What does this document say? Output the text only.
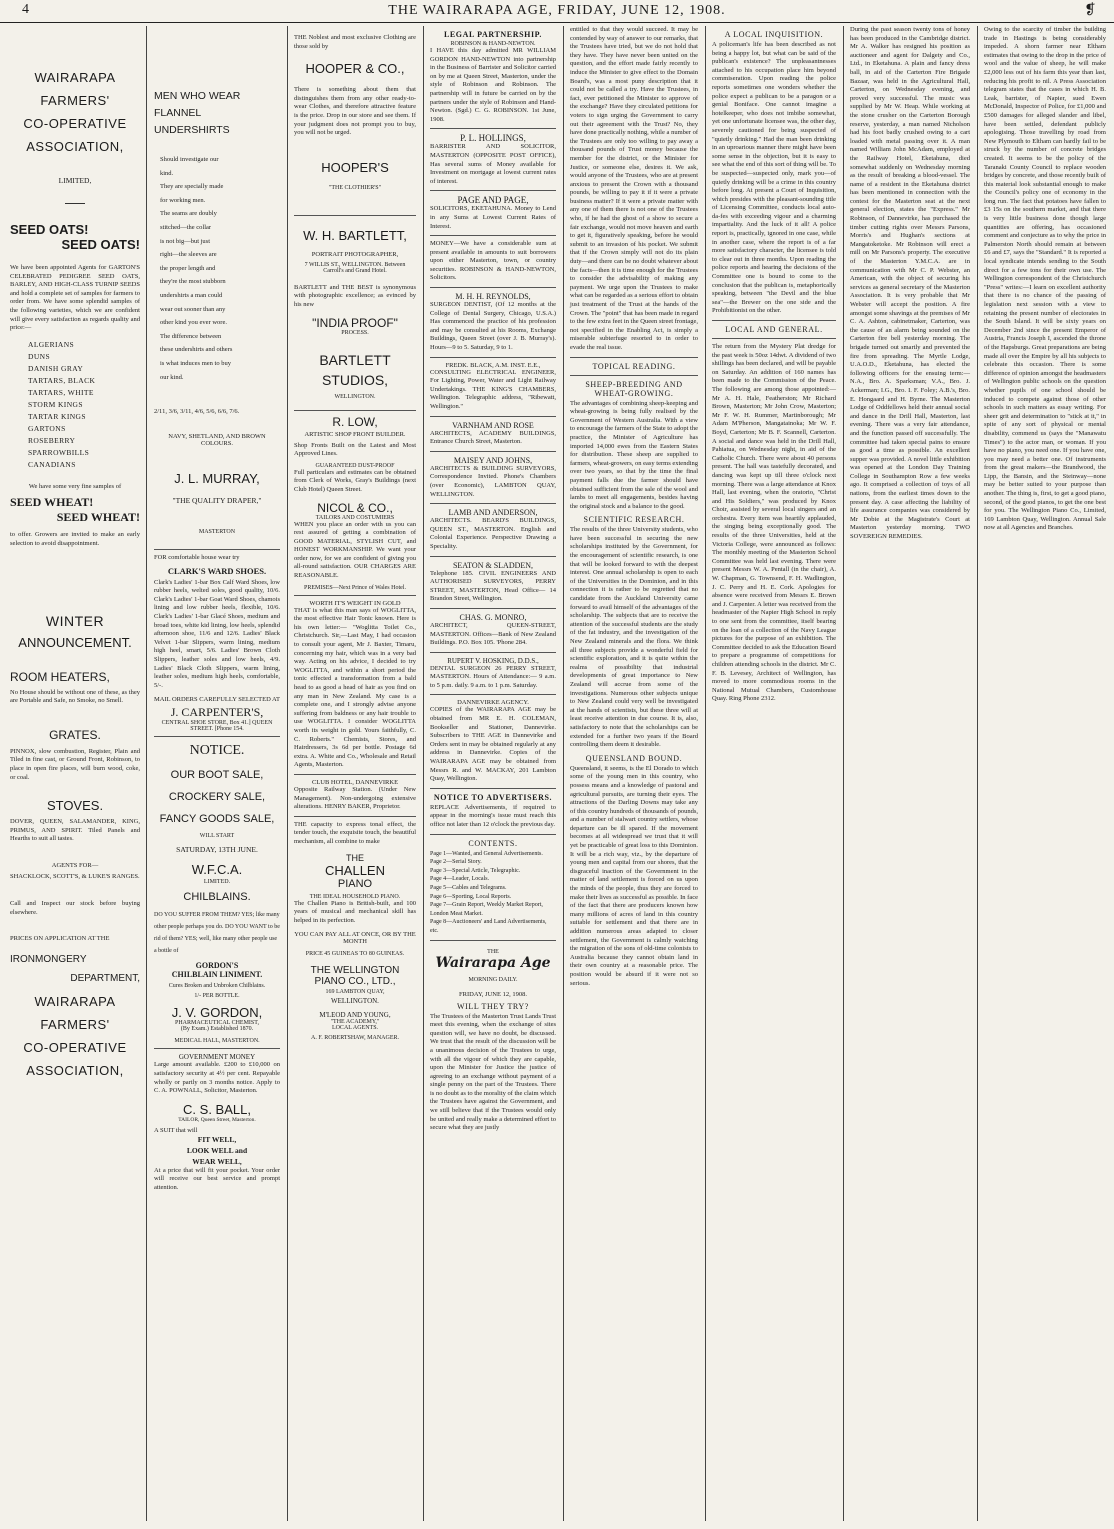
4	THE WAIRARAPA AGE, FRIDAY, JUNE 12, 1908.	❡
WAIRARAPA
FARMERS'
CO-OPERATIVE
ASSOCIATION,
LIMITED,
SEED OATS!
SEED OATS!
We have been appointed Agents for GARTON'S CELEBRATED PEDIGREE SEED OATS, BARLEY, AND HIGH-CLASS TURNIP SEEDS and hold a complete set of samples for farmers to order from. We have some splendid samples of the following varieties, which we are confident will give every satisfaction as regards quality and price:—
ALGERIANS
DUNS
DANISH GRAY
TARTARS, BLACK
TARTARS, WHITE
STORM KINGS
TARTAR KINGS
GARTONS
ROSEBERRY
SPARROWBILLS
CANADIANS
We have some very fine samples of
SEED WHEAT!
SEED WHEAT!
to offer. Growers are invited to make an early selection to avoid disappointment.
WINTER
ANNOUNCEMENT.
ROOM HEATERS,
No House should be without one of these, as they are Portable and Safe, no Smoke, no Smell.
GRATES.
PINNOX, slow combustion, Register, Plain and Tiled in fine cast, or Ground Front, Robinson, to place in open fire places, will burn wood, coke, or coal.
STOVES.
DOVER, QUEEN, SALAMANDER, KING, PRIMUS, AND SPIRIT. Tiled Panels and Hearths to suit all tastes.
AGENTS FOR—
SHACKLOCK, SCOTT'S, & LUKE'S RANGES.
Call and Inspect our stock before buying elsewhere.
PRICES ON APPLICATION AT THE
IRONMONGERY
DEPARTMENT,
WAIRARAPA
FARMERS'
CO-OPERATIVE
ASSOCIATION,
MEN WHO WEAR
FLANNEL
UNDERSHIRTS
Should investigate our
kind.
They are specially made
for working men.
The seams are doubly
stitched—the collar
is not big—but just
right—the sleeves are
the proper length and
they're the most stubborn
undershirts a man could
wear out sooner than any
other kind you ever wore.
The difference between
these undershirts and others
is what induces men to buy
our kind.
2/11, 3/6, 3/11, 4/6, 5/6, 6/6, 7/6.
NAVY, SHETLAND, AND BROWN COLOURS.
J. L. MURRAY,
"THE QUALITY DRAPER,"
MASTERTON
FOR comfortable house wear try
CLARK'S WARD SHOES.
Clark's Ladies' 1-bar Box Calf Ward Shoes, low rubber heels, welted soles, good quality, 10/6. Clark's Ladies' 1-bar Goat Ward Shoes, chamois lining and low rubber heels, flexible, 10/6. Clark's Ladies' 1-bar Glacé Shoes, medium and broad toes, white kid lining, low heels, splendid afternoon shoe, 11/6 and 12/6. Ladies' Black Velvet 1-bar Slippers, warm lining, medium high heel, smart, 5/6. Ladies' Brown Cloth Slippers, leather soles and low heels, 4/9. Ladies' Black Cloth Slippers, warm lining, leather soles, medium high heels, comfortable, 5/-.
MAIL ORDERS CAREFULLY SELECTED AT
J. CARPENTER'S,
CENTRAL SHOE STORE, Box 41.] QUEEN STREET. [Phone 154.
NOTICE.
OUR BOOT SALE,
CROCKERY SALE,
FANCY GOODS SALE,
WILL START
SATURDAY, 13TH JUNE.
W.F.C.A.
LIMITED.
CHILBLAINS.
DO YOU SUFFER FROM THEM? YES; like many other people perhaps you do. DO YOU WANT to be rid of them? YES; well, like many other people use a bottle of
GORDON'S
CHILBLAIN LINIMENT.
Cures Broken and Unbroken Chilblains.
1/- PER BOTTLE.
J. V. GORDON,
PHARMACEUTICAL CHEMIST,
(By Exam.) Established 1870.
MEDICAL HALL, MASTERTON.
GOVERNMENT MONEY
Large amount available. £200 to £10,000 on satisfactory security at 4½ per cent. Repayable wholly or partly on 3 months notice. Apply to C. A. POWNALL, Solicitor, Masterton.
C. S. BALL,
TAILOR, Queen Street, Masterton.
A SUIT that will
FIT WELL,
LOOK WELL and
WEAR WELL,
At a price that will fit your pocket. Your order will receive our best service and prompt attention.
THE Noblest and most exclusive Clothing are those sold by
HOOPER & CO.,
There is something about them that distinguishes them from any other ready-to-wear Clothes, and therefore attractive feature is the price. Drop in our store and see them. If your judgment does not prompt you to buy, you will not be urged.
HOOPER'S
"THE CLOTHIER'S"
W. H. BARTLETT,
PORTRAIT PHOTOGRAPHER,
7 WILLIS ST., WELLINGTON. Between Carroll's and Grand Hotel.
BARTLETT and THE BEST is synonymous with photographic excellence; as evinced by his new
"INDIA PROOF"
PROCESS.
BARTLETT
STUDIOS,
WELLINGTON.
R. LOW,
ARTISTIC SHOP FRONT BUILDER.
Shop Fronts Built on the Latest and Most Approved Lines.
GUARANTEED DUST-PROOF
Full particulars and estimates can be obtained from Clerk of Works, Gray's Buildings (next Club Hotel) Queen Street.
NICOL & CO.,
TAILORS AND COSTUMIERS
WHEN you place an order with us you can rest assured of getting a combination of GOOD MATERIAL, STYLISH CUT, and HONEST WORKMANSHIP. We want your order now, for we are confident of giving you all-round satisfaction. OUR CHARGES ARE REASONABLE.
PREMISES—Next Prince of Wales Hotel.
WORTH IT'S WEIGHT IN GOLD
THAT is what this man says of WOGLITTA, the most effective Hair Tonic known. Here is his own letter:— "Woglitta Toilet Co., Christchurch. Sir,—Last May, I had occasion to consult your agent, Mr J. Baxter, Timaru, concerning my hair, which was in a very bad way. Acting on his advice, I decided to try WOGLITTA, and within a short period the tonic effected a transformation from a bald head to as good a head of hair as you find on any man in New Zealand. My case is a complete one, and I strongly advise anyone suffering from baldness or any hair trouble to use WOGLITTA. I consider WOGLITTA worth its weight in gold. Yours faithfully, C. C. Roberts." Chemists, Stores, and Hairdressers, 3s 6d per bottle. Postage 6d extra. A. White and Co., Wholesale and Retail Agents, Masterton.
CLUB HOTEL, DANNEVIRKE
Opposite Railway Station. (Under New Management). Non-undergoing extensive alterations. HENRY BAKER, Proprietor.
THE capacity to express tonal effect, the tender touch, the exquisite touch, the beautiful mechanism, all combine to make
THE
CHALLEN
PIANO
THE IDEAL HOUSEHOLD PIANO.
The Challen Piano is British-built, and 100 years of musical and mechanical skill has helped in its perfection.
YOU CAN PAY ALL AT ONCE, OR BY THE MONTH
PRICE 45 GUINEAS TO 80 GUINEAS.
THE WELLINGTON PIANO CO., LTD.,
169 LAMBTON QUAY,
WELLINGTON.
M'LEOD AND YOUNG,
"THE ACADEMY,"
LOCAL AGENTS.
A. F. ROBERTSHAW, MANAGER.
LEGAL PARTNERSHIP.
ROBINSON & HAND-NEWTON.
I HAVE this day admitted MR WILLIAM GORDON HAND-NEWTON into partnership in the Business of Barrister and Solicitor carried on by me at Queen Street, Masterton, under the style of Robinson and Robinson. The partnership will in future be carried on by the partners under the style of Robinson and Hand-Newton. (Sgd.) C. G. ROBINSON. 1st June, 1908.
P. L. HOLLINGS,
BARRISTER AND SOLICITOR, MASTERTON (OPPOSITE POST OFFICE), Has several sums of Money available for Investment on mortgage at lowest current rates of interest.
PAGE AND PAGE,
SOLICITORS, EKETAHUNA. Money to Lend in any Sums at Lowest Current Rates of Interest.
MONEY—We have a considerable sum at present available in amounts to suit borrowers upon either Masterton, town, or country securities. ROBINSON & HAND-NEWTON, Solicitors.
M. H. H. REYNOLDS,
SURGEON DENTIST, (Of 12 months at the College of Dental Surgery, Chicago, U.S.A.) Has commenced the practice of his profession and may be consulted at his Rooms, Exchange Buildings, Queen Street (over J. B. Murray's). Hours—9 to 5. Saturday, 9 to 1.
FREDK. BLACK, A.M. INST. E.E.,
CONSULTING ELECTRICAL ENGINEER, For Lighting, Power, Water and Light Railway Undertakings. THE KING'S CHAMBERS, Wellington. Telegraphic address, "Ribewatt, Wellington."
VARNHAM AND ROSE
ARCHITECTS, ACADEMY BUILDINGS, Entrance Church Street, Masterton.
MAISEY AND JOHNS,
ARCHITECTS & BUILDING SURVEYORS, Correspondence Invited. Phone's Chambers (over Economic), LAMBTON QUAY, WELLINGTON.
LAMB AND ANDERSON,
ARCHITECTS. BEARD'S BUILDINGS, QUEEN ST., MASTERTON. English and Colonial Experience. Perspective Drawing a Speciality.
SEATON & SLADDEN,
Telephone 185. CIVIL ENGINEERS AND AUTHORISED SURVEYORS, PERRY STREET, MASTERTON, Head Office— 14 Brandon Street, Wellington.
CHAS. G. MONRO,
ARCHITECT, QUEEN-STREET, MASTERTON. Offices—Bank of New Zealand Buildings. P.O. Box 105. 'Phone 284.
RUPERT V. HOSKING, D.D.S.,
DENTAL SURGEON 26 PERRY STREET, MASTERTON. Hours of Attendance:— 9 a.m. to 5 p.m. daily. 9 a.m. to 1 p.m. Saturday.
DANNEVIRKE AGENCY.
COPIES of the WAIRARAPA AGE may be obtained from MR E. H. COLEMAN, Bookseller and Stationer, Dannevirke. Subscribers to THE AGE in Dannevirke and Orders sent in may be obtained regularly at any address in Dannevirke. Copies of the WAIRARAPA AGE may be obtained from Messrs R. and W. MACKAY, 201 Lambton Quay, Wellington.
NOTICE TO ADVERTISERS.
REPLACE Advertisements, if required to appear in the morning's issue must reach this office not later than 12 o'clock the previous day.
CONTENTS.
Page 1—Wanted, and General Advertisements.
Page 2—Serial Story.
Page 3—Special Article, Telegraphic.
Page 4—Leader, Locals.
Page 5—Cables and Telegrams.
Page 6—Sporting, Local Reports.
Page 7—Grain Report, Weekly Market Report, London Meat Market.
Page 8—Auctioneers' and Land Advertisements, etc.
THE
Wairarapa Age
MORNING DAILY.
FRIDAY, JUNE 12, 1908.
WILL THEY TRY?
The Trustees of the Masterton Trust Lands Trust meet this evening, when the exchange of sites question will, we have no doubt, be discussed. We trust that the result of the discussion will be a unanimous decision of the Trustees to urge, with all the vigour of which they are capable, upon the Minister for Justice the justice of agreeing to an exchange without payment of a single penny on the part of the Trustees. There is no doubt as to the morality of the claim which the Trustees have against the Government, and we still believe that if the Trustees would only be united and really make a determined effort to secure what they are justly
entitled to that they would succeed. It may be contended by way of answer to our remarks, that the Trustees have tried, but we do not hold that they have. They have never been united on the question, and the effort made fairly recently to induce the Minister to give effect to the Domain Board's, was a most puny description that it could not be called a try. Have the Trustees, in fact, ever petitioned the Minister to approve of the exchange? Have they circulated petitions for voters to sign urging the Government to carry out their agreement with the Trust? No, they have done practically nothing, while a number of the Trustees are only too willing to pay away a thousand pounds of Trust money because the member for the district, or the Minister for Justice, or someone else, desires it. We ask, would anyone of the Trustees, who are at present anxious to present the Crown with a thousand pounds, be willing to pay it if it were a private business matter? If it were a private matter with any one of them there is not one of the Trustees who, if he had the ghost of a show to secure a fair exchange, would not move heaven and earth to get it, figuratively speaking, before he would submit to an invasion of his pocket. We submit that if the Crown simply will not do its plain duty—and there can be no doubt whatever about the facts—then it is time enough for the Trustees to consider the advisability of making any payment. We urge upon the Trustees to make what can be regarded as a serious effort to obtain just treatment of the Trust at the hands of the Crown. The "point" that has been made in regard to the few extra feet in the Queen street frontage, not specified in the Enabling Act, is simply a miserable subterfuge resorted to in order to evade the real issue.
TOPICAL READING.
SHEEP-BREEDING AND WHEAT-GROWING.
The advantages of combining sheep-keeping and wheat-growing is being fully realised by the Government of Western Australia. With a view to encourage the farmers of the State to adopt the practice, the Minister of Agriculture has imported 14,000 ewes from the Eastern States for distribution. These sheep are supplied to farmers, wheat-growers, on easy terms extending over two years, so that by the time the final payment falls due the farmer should have obtained sufficient from the sale of the wool and lambs to meet all engagements, besides having the original stock and a balance to the good.
SCIENTIFIC RESEARCH.
The results of the three University students, who have been successful in securing the new scholarships instituted by the Government, for the encouragement of scientific research, is one that will be looked forward to with the deepest interest. One annual scholarship is open to each of the Universities in the Dominion, and in this connection it is rather to be regretted that no candidate from the Auckland University came forward to avail himself of the advantages of the scholarship. The subjects that are to receive the attention of the successful students are the study of the fat industry, and the investigation of the New Zealand minerals and the flora. We think all three subjects provide a wonderful field for scientific exploration, and it is quite within the realms of possibility that industrial developments of great importance to New Zealand will accrue from some of the investigations. Numerous other subjects unique to New Zealand could very well be investigated at the hands of scientists, but these three will at least receive attention in due course. It is, also, satisfactory to note that the scholarships can be extended for a further two years if the Board controlling them deem it desirable.
QUEENSLAND BOUND.
Queensland, it seems, is the El Dorado to which some of the young men in this country, who possess means and a knowledge of pastoral and agricultural pursuits, are turning their eyes. The attractions of the Darling Downs may take any of this country hundreds of thousands of pounds, and a number of stalwart country settlers, whose departure can be ill spared. If the movement becomes at all widespread we trust that it will yet be practicable of great loss to this Dominion. It will be a rich way, viz., by the departure of young men and capital from our shores, that the disgraceful inaction of the Government in the matter of land settlement is forced on us upon the minds of the people, thus they are forced to make their lives as successful as possible. In face of the fact that there are producers known how many millions of acres of land in this country suitable for settlement and that there are in addition numerous areas adapted to closer settlement, the Government is calmly watching the migration of the sons of old-time colonists to Australia because they cannot obtain land in their own country at a reasonable price. The position would be absurd if it were not so serious.
A LOCAL INQUISITION.
A policeman's life has been described as not being a happy lot, but what can be said of the publican's existence? The unpleasantnesses attached to his occupation place him beyond commiseration. Upon reading the police reports sometimes one wonders whether the police expect a publican to be a paragon or a genial Boniface. One cannot imagine a hotelkeeper, who does not imbibe somewhat, yet one unfortunate licensee was, the other day, severely cautioned for being suspected of "quietly drinking." Had the man been drinking in an uproarious manner there might have been some sense in the objection, but it is easy to see what the end of this sort of thing will be. To be suspected—suspected only, mark you—of quietly drinking will be a crime in this country before long. At present a Court of Inquisition, which presides with the pleasant-sounding title of Licensing Committee, conducts local auto-da-fes with exceeding vigour and a charming impartiality. And the luck of it all! A police report is, practically, ignored in one case, while in another case, where the report is of a far more satisfactory character, the licensee is told to clear out in three months. Upon reading the police reports and hearing the decisions of the Committee one is bound to come to the conclusion that the publican is, metaphorically speaking, between "the Devil and the blue sea"—the Brewer on the one side and the Prohibitionist on the other.
LOCAL AND GENERAL.
The return from the Mystery Plat dredge for the past week is 50oz 14dwt. A dividend of two shillings has been declared, and will be payable on Saturday. An addition of 160 names has been made to the Commission of the Peace. The following are among those appointed:—Mr A. H. Hale, Featherston; Mr Richard Brown, Masterton; Mr John Crow, Masterton; Mr F. W. H. Rummer, Martinborough; Mr Adam M'Pherson, Mangatainoka; Mr W. F. Boyd, Carterton; Mr B. F. Scannell, Carterton. A social and dance was held in the Drill Hall, Pahiatua, on Wednesday night, in aid of the Catholic Church. There were about 40 persons present. The hall was tastefully decorated, and dancing was kept up till three o'clock next morning. There was a large attendance at Knox Hall, last evening, when the oratorio, "Christ and His Soldiers," was produced by Knox Choir, assisted by several local singers and an orchestra. Every item was heartily applauded, the singing being exceptionally good. The results of the three Universities, held at the Victoria College, were announced as follows: The monthly meeting of the Masterton School Committee was held last evening. There were present Messrs W. A. Pentall (in the chair), A. W. Chapman, G. Townsend, F. H. Wadlington, J. C. Perry and H. E. Cork. Apologies for absence were received from Messrs E. Brown and J. Carpenter. A letter was received from the headmaster of the Napier High School in reply to one sent from the committee, itself bearing on the loan of a collection of the Navy League pictures for the purpose of an exhibition. The Committee decided to ask the Education Board to prepare a programme of competitions for children attending schools in the district. Mr C. F. B. Levesey, Architect of Wellington, has moved to more commodious rooms in the National Mutual Chambers, Customhouse Quay. Ring Phone 2312.
During the past season twenty tons of honey has been produced in the Cambridge district. Mr A. Walker has resigned his position as auctioneer and agent for Dalgety and Co., Ltd., in Eketahuna. A plain and fancy dress ball, in aid of the Carterton Fire Brigade Bazaar, was held in the Agricultural Hall, Carterton, on Wednesday evening, and proved very successful. The music was supplied by Mr W. Heap. While working at the stone crusher on the Carterton Borough reserve, yesterday, a man named Nicholson had his foot badly crushed owing to a cart loaded with metal passing over it. A man named William John McAdam, employed at the Railway Hotel, Eketahuna, died somewhat suddenly on Wednesday morning as the result of breaking a blood-vessel. The name of a resident in the Eketahuna district has been mentioned in connection with the contest for the Masterton seat at the next general election, states the "Express." Mr Robinson, of Dannevirke, has purchased the timber cutting rights over Messrs Parsons, Morris's and Hughan's sections at Mangatoketoke. Mr Robinson will erect a mill on Mr Parsons's property. The executive of the Masterton Y.M.C.A. are in communication with Mr C. P. Webster, an American, with the object of securing his services as general secretary of the Masterton Association. It is very probable that Mr Webster will accept the position. A fire amongst some shavings at the premises of Mr C. A. Ashton, cabinetmaker, Carterton, was the cause of an alarm being sounded on the Carterton fire bell yesterday morning. The brigade turned out smartly and prevented the fire from spreading. The Myrtle Lodge, U.A.O.D., Eketahuna, has elected the following officers for the ensuing term:—N.A., Bro. A. Sparksman; V.A., Bro. J. Ackerman; I.G., Bro. I. F. Foley; A.B.'s, Bro. E. Hongaard and H. Byrne. The Masterton Lodge of Oddfellows held their annual social and dance in the Drill Hall, Masterton, last evening. There was a very fair attendance, and the function passed off successfully. The committee had taken special pains to ensure as good a time as possible. An excellent supper was provided. A novel little exhibition was opened at the London Day Training College in Southampton Row a few weeks ago. It comprised a collection of toys of all nations, from the earliest times down to the present day. A case affecting the liability of life assurance companies was considered by Mr Dobie at the Magistrate's Court at Masterton yesterday morning. TWO SOVEREIGN REMEDIES.
Owing to the scarcity of timber the building trade in Hastings is being considerably impeded. A shorn farmer near Eltham estimates that owing to the drop in the price of wool and the value of sheep, he will make £2,000 less out of his farm this year than last, reducing his profit to nil. A Press Association telegram states that the cases in which H. B. Leak, barrister, of Napier, sued Ewen McDonald, Inspector of Police, for £1,000 and £500 damages for alleged slander and libel, have been settled, defendant publicly apologising. Those travelling by road from New Plymouth to Eltham can hardly fail to be struck by the number of concrete bridges created. It seems to be the policy of the Taranaki County Council to replace wooden bridges by concrete, and those recently built of this material look substantial enough to make the Council's policy one of economy in the long run. The fact that potatoes have fallen to £3 15s on the southern market, and that there is very little business done though large quantities are offering, has occasioned comment and conjecture as to why the price in Palmerston North should remain at between £6 and £7, says the "Standard." It is reported a local syndicate intends sending to the South direct for a few tons for their own use. The Wellington correspondent of the Christchurch "Press" writes:—I learn on excellent authority that there is no chance of the passing of legislation next session with a view to retaining the present number of electorates in the South Island. It will be sixty years on December 2nd since the present Emperor of Austria, Francis Joseph I, ascended the throne of the Hapsburgs. Great preparations are being made all over the Empire by all his subjects to celebrate this occasion. There is some difference of opinion amongst the headmasters of Wellington public schools on the question whether pupils of one school should be induced to compete against those of other schools in such matters as essay writing. For sheer grit and determination to "stick at it," in spite of any sort of physical or mental disability, commend us (says the "Manawatu Times") to the actor man, or woman. If you have no piano, you need one. If you have one, you may need a better one. Of instruments from the great makers—the Brandwood, the Lipp, the Bansin, and the Steinway—none may be better suited to your purpose than another. The thing is, first, to get a good piano, second, of the good pianos, to get the one best for you. The Wellington Piano Co., Limited, 169 Lambton Quay, Wellington. Annual Sale now at all Agencies and Branches.
